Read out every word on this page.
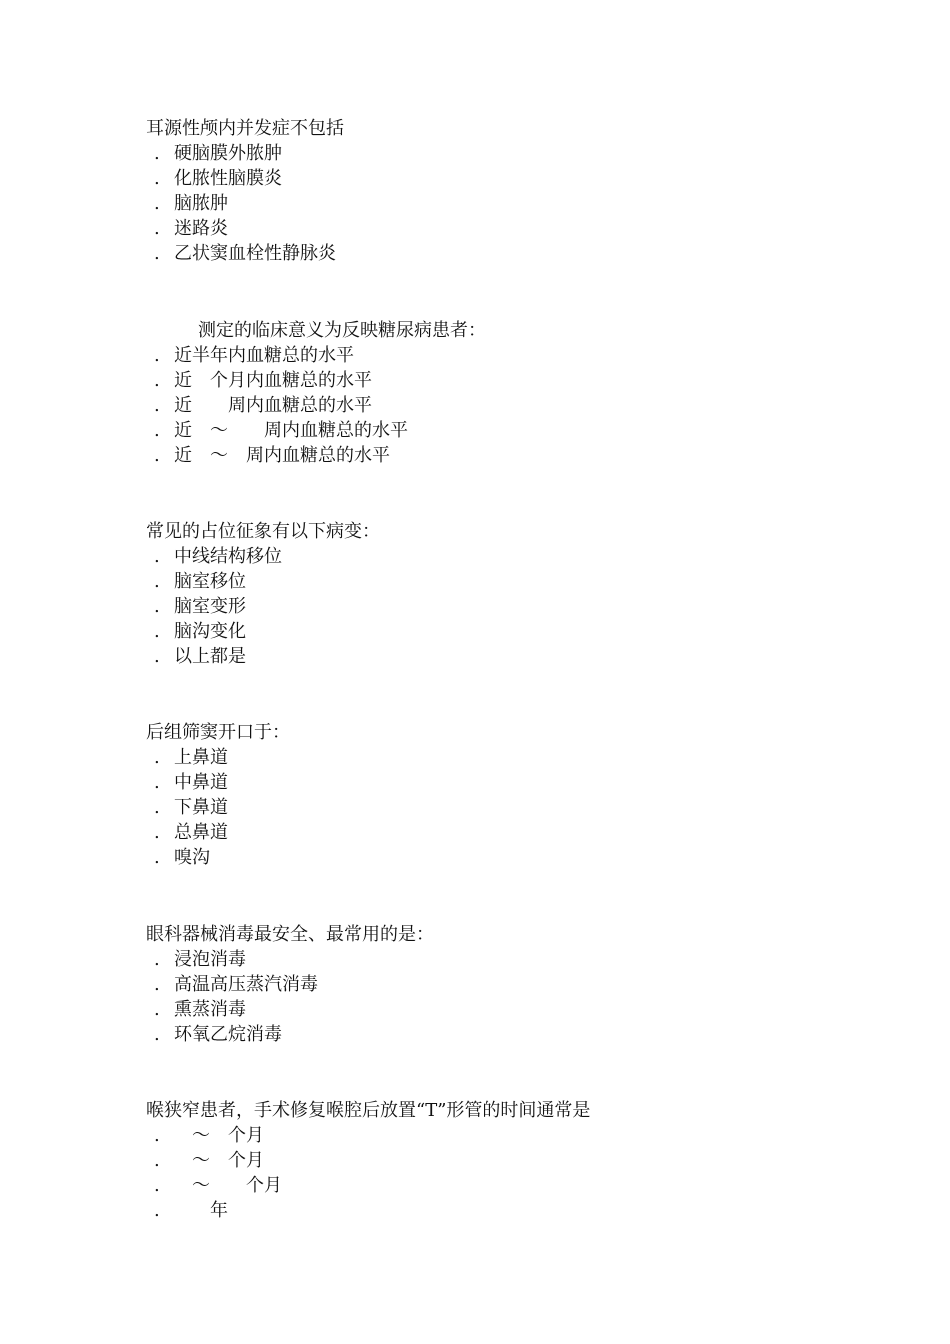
耳源性颅内并发症不包括
. 硬脑膜外脓肿
. 化脓性脑膜炎
. 脑脓肿
. 迷路炎
. 乙状窦血栓性静脉炎
测定的临床意义为反映糖尿病患者：
. 近半年内血糖总的水平
. 近　个月内血糖总的水平
. 近　　周内血糖总的水平
. 近　～　　周内血糖总的水平
. 近　～　周内血糖总的水平
常见的占位征象有以下病变：
. 中线结构移位
. 脑室移位
. 脑室变形
. 脑沟变化
. 以上都是
后组筛窦开口于：
. 上鼻道
. 中鼻道
. 下鼻道
. 总鼻道
. 嗅沟
眼科器械消毒最安全、最常用的是：
. 浸泡消毒
. 高温高压蒸汽消毒
. 熏蒸消毒
. 环氧乙烷消毒
喉狭窄患者，手术修复喉腔后放置“T”形管的时间通常是
.　～　个月
.　～　个月
.　～　　个月
.　　年
